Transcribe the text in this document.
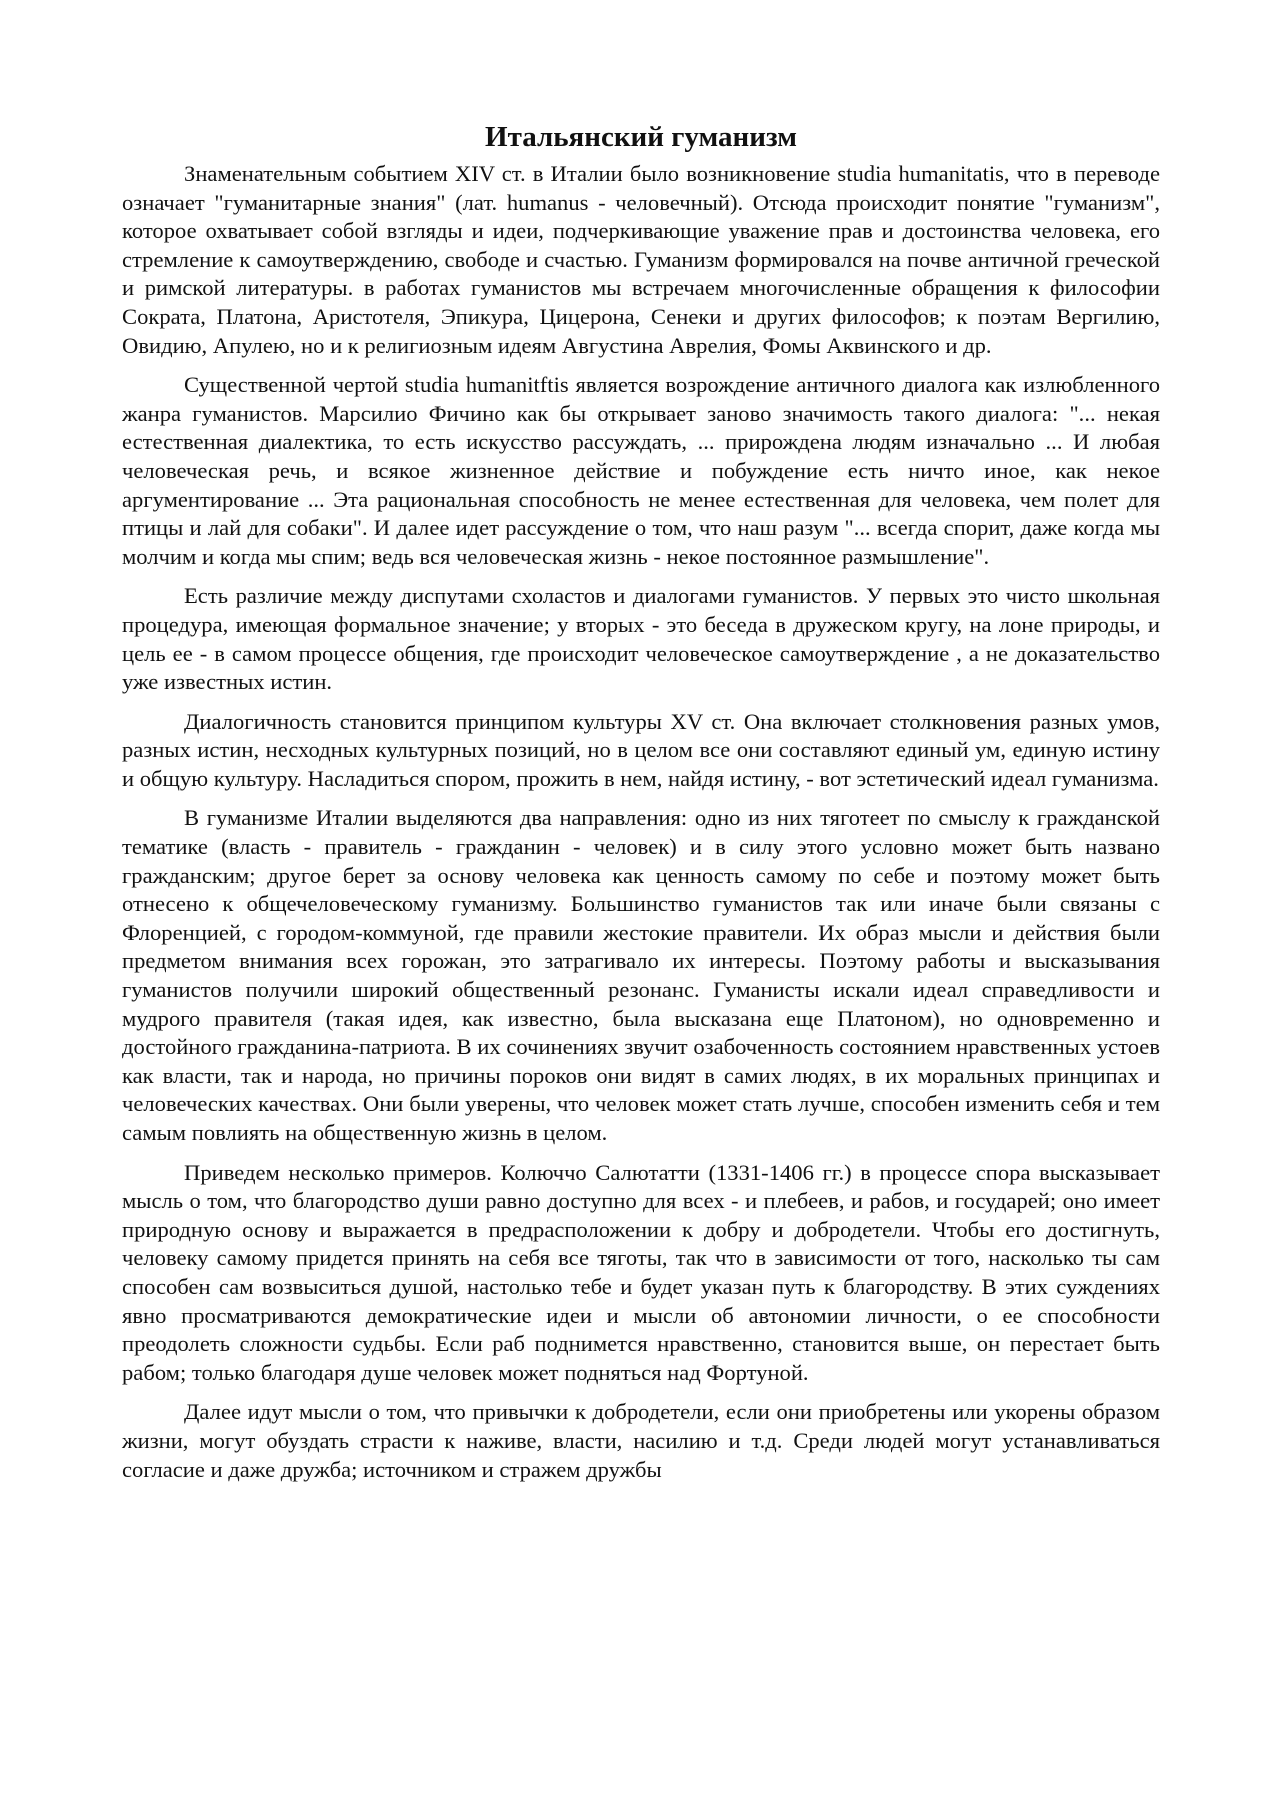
Итальянский гуманизм

Знаменательным событием XIV ст. в Италии было возникновение studia humanitatis, что в переводе означает "гуманитарные знания" (лат. humanus - человечный). Отсюда происходит понятие "гуманизм", которое охватывает собой взгляды и идеи, подчеркивающие уважение прав и достоинства человека, его стремление к самоутверждению, свободе и счастью. Гуманизм формировался на почве античной греческой и римской литературы. в работах гуманистов мы встречаем многочисленные обращения к философии Сократа, Платона, Аристотеля, Эпикура, Цицерона, Сенеки и других философов; к поэтам Вергилию, Овидию, Апулею, но и к религиозным идеям Августина Аврелия, Фомы Аквинского и др.

Существенной чертой studia humanitftis является возрождение античного диалога как излюбленного жанра гуманистов. Марсилио Фичино как бы открывает заново значимость такого диалога: "... некая естественная диалектика, то есть искусство рассуждать, ... прирождена людям изначально ... И любая человеческая речь, и всякое жизненное действие и побуждение есть ничто иное, как некое аргументирование ... Эта рациональная способность не менее естественная для человека, чем полет для птицы и лай для собаки". И далее идет рассуждение о том, что наш разум "... всегда спорит, даже когда мы молчим и когда мы спим; ведь вся человеческая жизнь - некое постоянное размышление".

Есть различие между диспутами схоластов и диалогами гуманистов. У первых это чисто школьная процедура, имеющая формальное значение; у вторых - это беседа в дружеском кругу, на лоне природы, и цель ее - в самом процессе общения, где происходит человеческое самоутверждение , а не доказательство уже известных истин.

Диалогичность становится принципом культуры XV ст. Она включает столкновения разных умов, разных истин, несходных культурных позиций, но в целом все они составляют единый ум, единую истину и общую культуру. Насладиться спором, прожить в нем, найдя истину, - вот эстетический идеал гуманизма.

В гуманизме Италии выделяются два направления: одно из них тяготеет по смыслу к гражданской тематике (власть - правитель - гражданин - человек) и в силу этого условно может быть названо гражданским; другое берет за основу человека как ценность самому по себе и поэтому может быть отнесено к общечеловеческому гуманизму. Большинство гуманистов так или иначе были связаны с Флоренцией, с городом-коммуной, где правили жестокие правители. Их образ мысли и действия были предметом внимания всех горожан, это затрагивало их интересы. Поэтому работы и высказывания гуманистов получили широкий общественный резонанс. Гуманисты искали идеал справедливости и мудрого правителя (такая идея, как известно, была высказана еще Платоном), но одновременно и достойного гражданина-патриота. В их сочинениях звучит озабоченность состоянием нравственных устоев как власти, так и народа, но причины пороков они видят в самих людях, в их моральных принципах и человеческих качествах. Они были уверены, что человек может стать лучше, способен изменить себя и тем самым повлиять на общественную жизнь в целом.

Приведем несколько примеров. Колюччо Салютатти (1331-1406 гг.) в процессе спора высказывает мысль о том, что благородство души равно доступно для всех - и плебеев, и рабов, и государей; оно имеет природную основу и выражается в предрасположении к добру и добродетели. Чтобы его достигнуть, человеку самому придется принять на себя все тяготы, так что в зависимости от того, насколько ты сам способен сам возвыситься душой, настолько тебе и будет указан путь к благородству. В этих суждениях явно просматриваются демократические идеи и мысли об автономии личности, о ее способности преодолеть сложности судьбы. Если раб поднимется нравственно, становится выше, он перестает быть рабом; только благодаря душе человек может подняться над Фортуной.

Далее идут мысли о том, что привычки к добродетели, если они приобретены или укорены образом жизни, могут обуздать страсти к наживе, власти, насилию и т.д. Среди людей могут устанавливаться согласие и даже дружба; источником и стражем дружбы
